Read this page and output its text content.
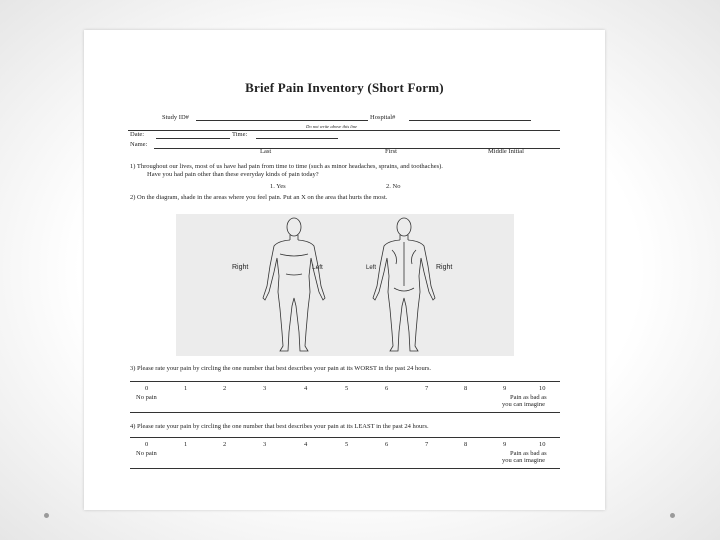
Brief Pain Inventory (Short Form)
Study ID#	Hospital#
Do not write above this line
Date:	Time:
Name:
Last	First	Middle Initial
1) Throughout our lives, most of us have had pain from time to time (such as minor headaches, sprains, and toothaches).
Have you had pain other than these everyday kinds of pain today?
1. Yes	2. No
2) On the diagram, shade in the areas where you feel pain. Put an X on the area that hurts the most.
Right	Left	Left	Right
3) Please rate your pain by circling the one number that best describes your pain at its WORST in the past 24 hours.
0	1	2	3	4	5	6	7	8	9	10
No pain	Pain as bad as
you can imagine
4) Please rate your pain by circling the one number that best describes your pain at its LEAST in the past 24 hours.
0	1	2	3	4	5	6	7	8	9	10
No pain	Pain as bad as
you can imagine
